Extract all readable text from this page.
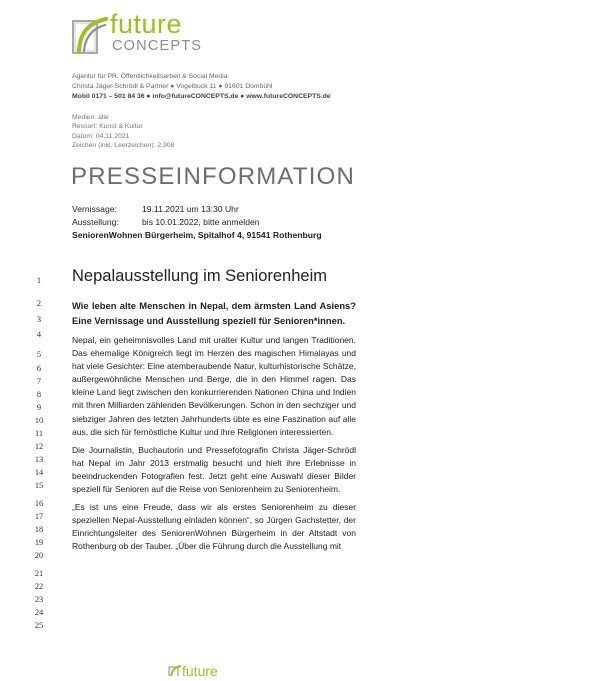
future
CONCEPTS
Agentur für PR, Öffentlichkeitsarbeit & Social Media
Christa Jäger-Schrödl & Partner ● Vogelbuck 11 ● 91601 Dombühl
Mobil 0171 – 501 84 36 ● info@futureCONCEPTS.de ● www.futureCONCEPTS.de
Medien: alle
Ressort: Kunst & Kultur
Datum: 04.11.2021
Zeichen (inkl. Leerzeichen): 2.908
PRESSEINFORMATION
Vernissage:	19.11.2021 um 13:30 Uhr
Ausstellung:	bis 10.01.2022, bitte anmelden
SeniorenWohnen Bürgerheim, Spitalhof 4, 91541 Rothenburg
1
2
3
4
5
6
7
8
9
10
11
12
13
14
15
16
17
18
19
20
21
22
23
24
25
Nepalausstellung im Seniorenheim

Wie leben alte Menschen in Nepal, dem ärmsten Land Asiens? Eine Vernissage und Ausstellung speziell für Senioren*innen.

Nepal, ein geheimnisvolles Land mit uralter Kultur und langen Traditionen. Das ehemalige Königreich liegt im Herzen des magischen Himalayas und hat viele Gesichter: Eine atemberaubende Natur, kulturhistorische Schätze, außergewöhnliche Menschen und Berge, die in den Himmel ragen. Das kleine Land liegt zwischen den konkurrierenden Nationen China und Indien mit Ihren Milliarden zählenden Bevölkerungen. Schon in den sechziger und siebziger Jahren des letzten Jahrhunderts übte es eine Faszination auf alle aus, die sich für fernöstliche Kultur und ihre Religionen interessierten.

Die Journalistin, Buchautorin und Pressefotografin Christa Jäger-Schrödl hat Nepal im Jahr 2013 erstmalig besucht und hielt ihre Erlebnisse in beeindruckenden Fotografien fest. Jetzt geht eine Auswahl dieser Bilder speziell für Senioren auf die Reise von Seniorenheim zu Seniorenheim.

„Es ist uns eine Freude, dass wir als erstes Seniorenheim zu dieser speziellen Nepal-Ausstellung einladen können“, so Jürgen Gachstetter, der Einrichtungsleiter des SeniorenWohnen Bürgerheim in der Altstadt von Rothenburg ob der Tauber. „Über die Führung durch die Ausstellung mit

future
